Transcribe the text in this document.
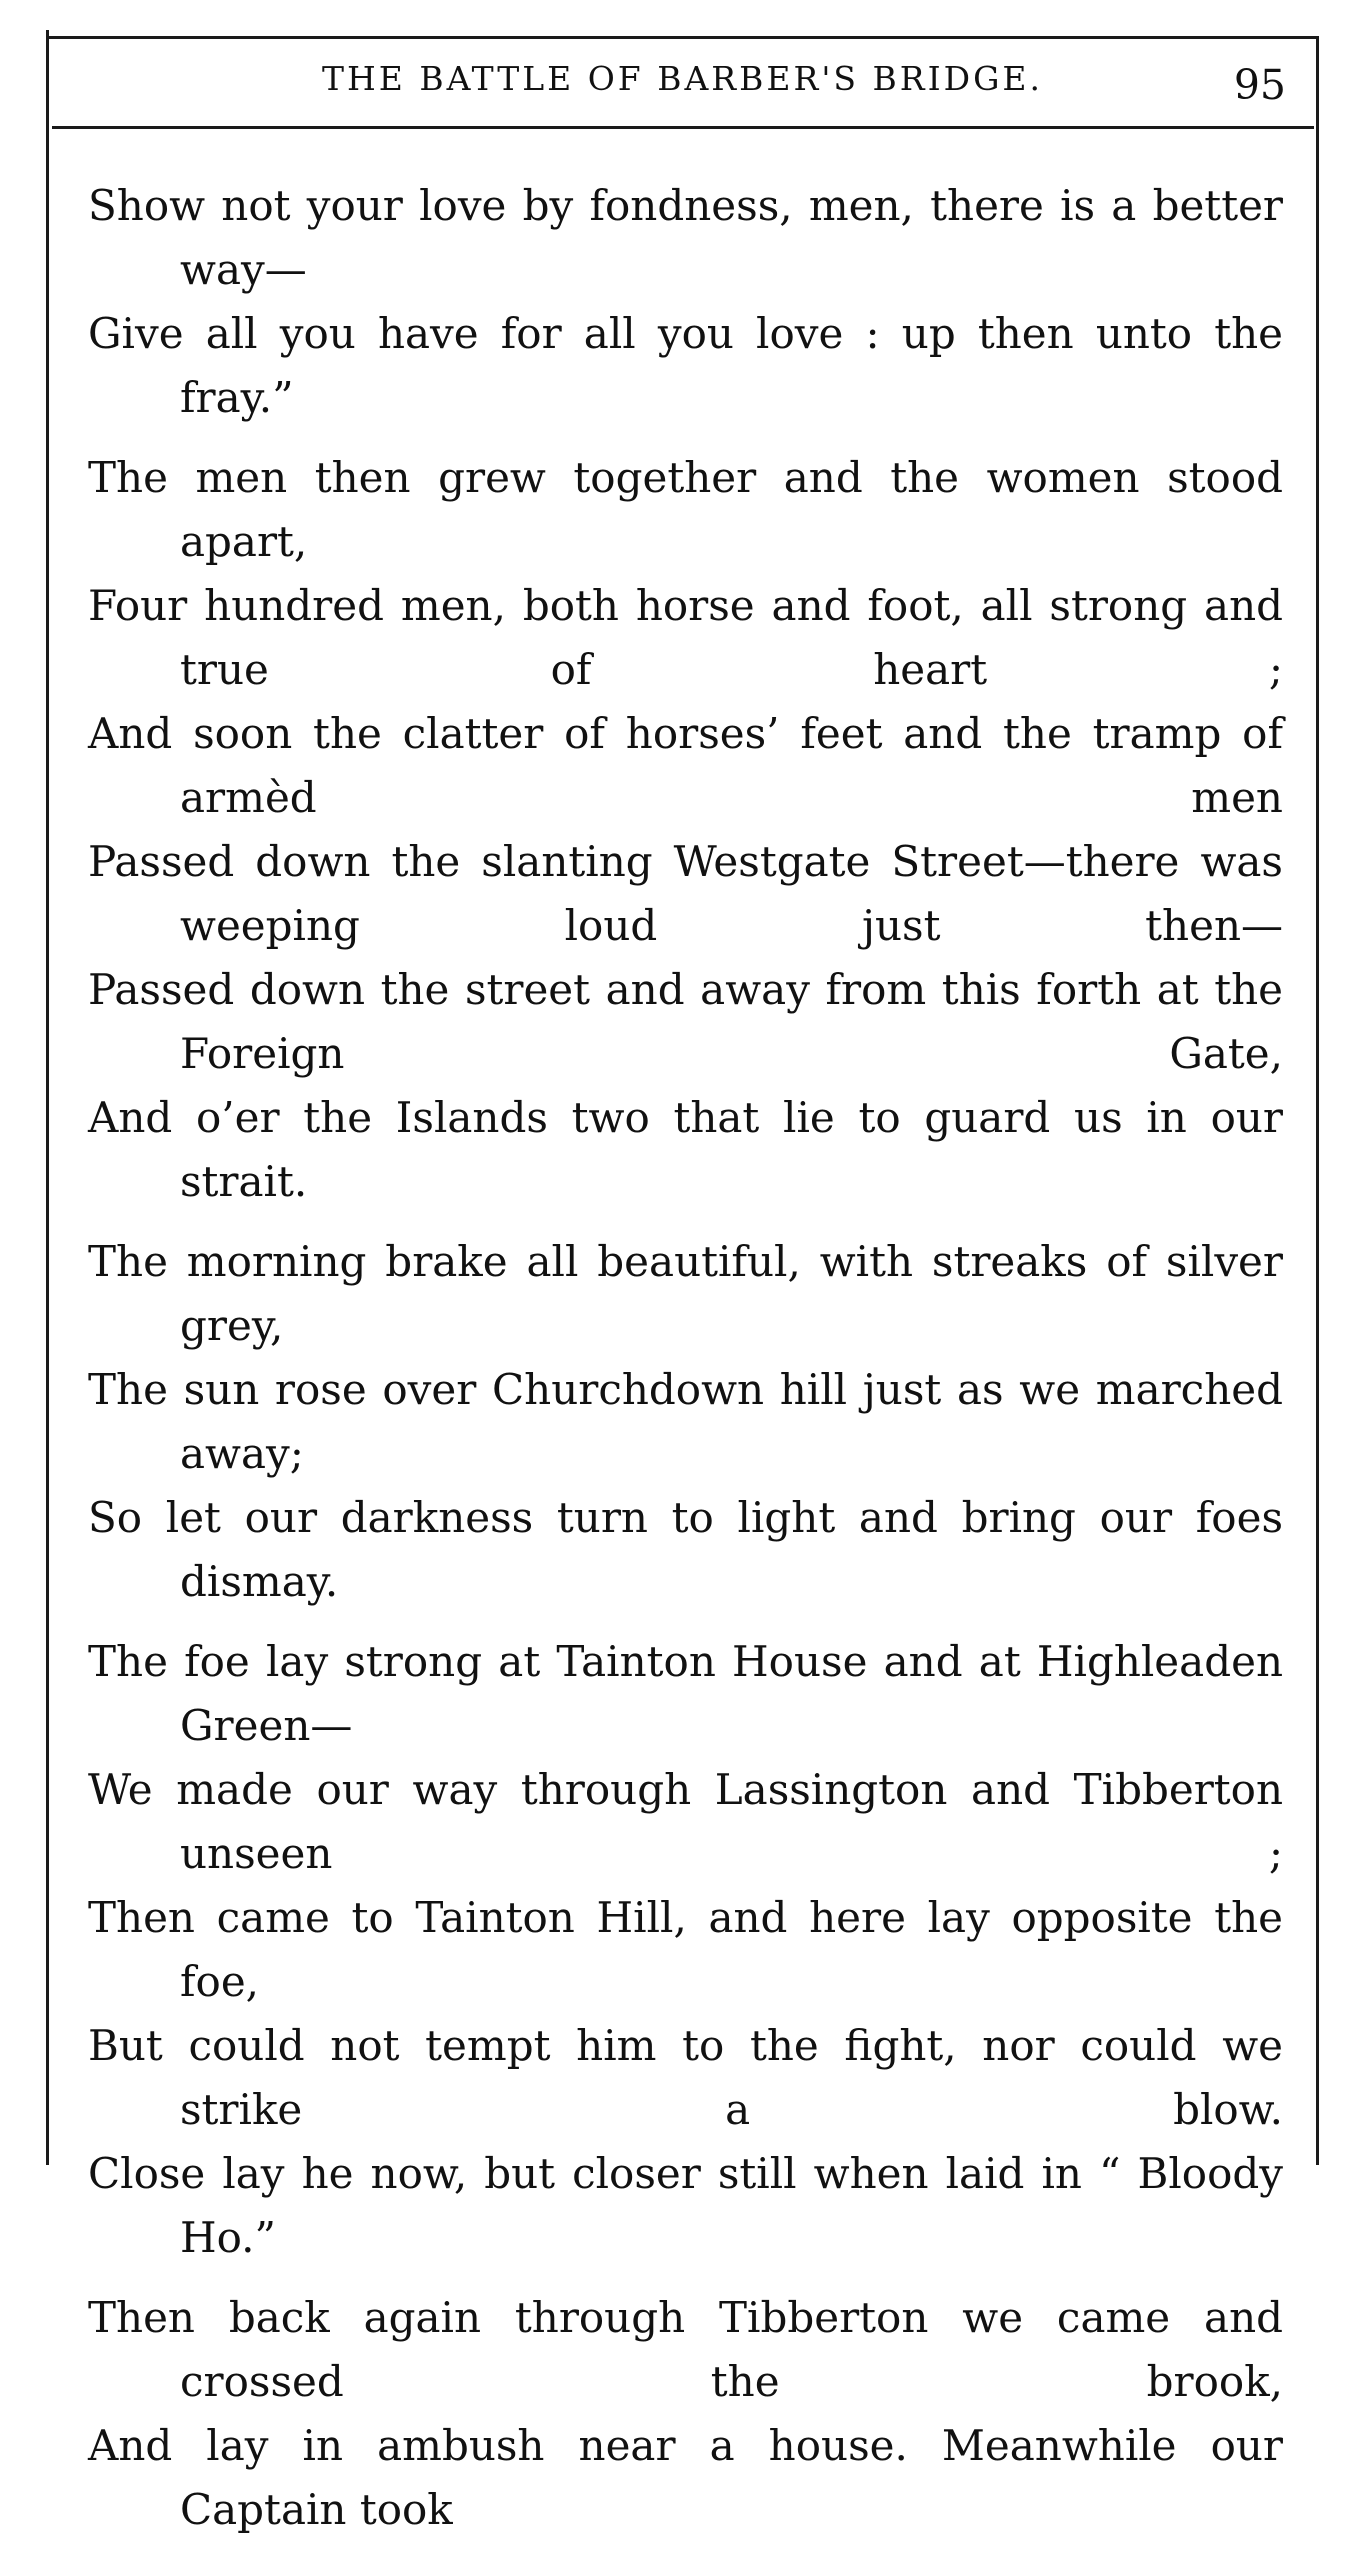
THE BATTLE OF BARBER'S BRIDGE.	95
Show not your love by fondness, men, there is a better way—
Give all you have for all you love : up then unto the fray.”
The men then grew together and the women stood apart,
Four hundred men, both horse and foot, all strong and true of heart ;
And soon the clatter of horses’ feet and the tramp of armèd men
Passed down the slanting Westgate Street—there was weeping loud just then—
Passed down the street and away from this forth at the Foreign Gate,
And o’er the Islands two that lie to guard us in our strait.
The morning brake all beautiful, with streaks of silver grey,
The sun rose over Churchdown hill just as we marched away;
So let our darkness turn to light and bring our foes dismay.
The foe lay strong at Tainton House and at Highleaden Green—
We made our way through Lassington and Tibberton unseen ;
Then came to Tainton Hill, and here lay opposite the foe,
But could not tempt him to the fight, nor could we strike a blow.
Close lay he now, but closer still when laid in “ Bloody Ho.”
Then back again through Tibberton we came and crossed the brook,
And lay in ambush near a house. Meanwhile our Captain took
